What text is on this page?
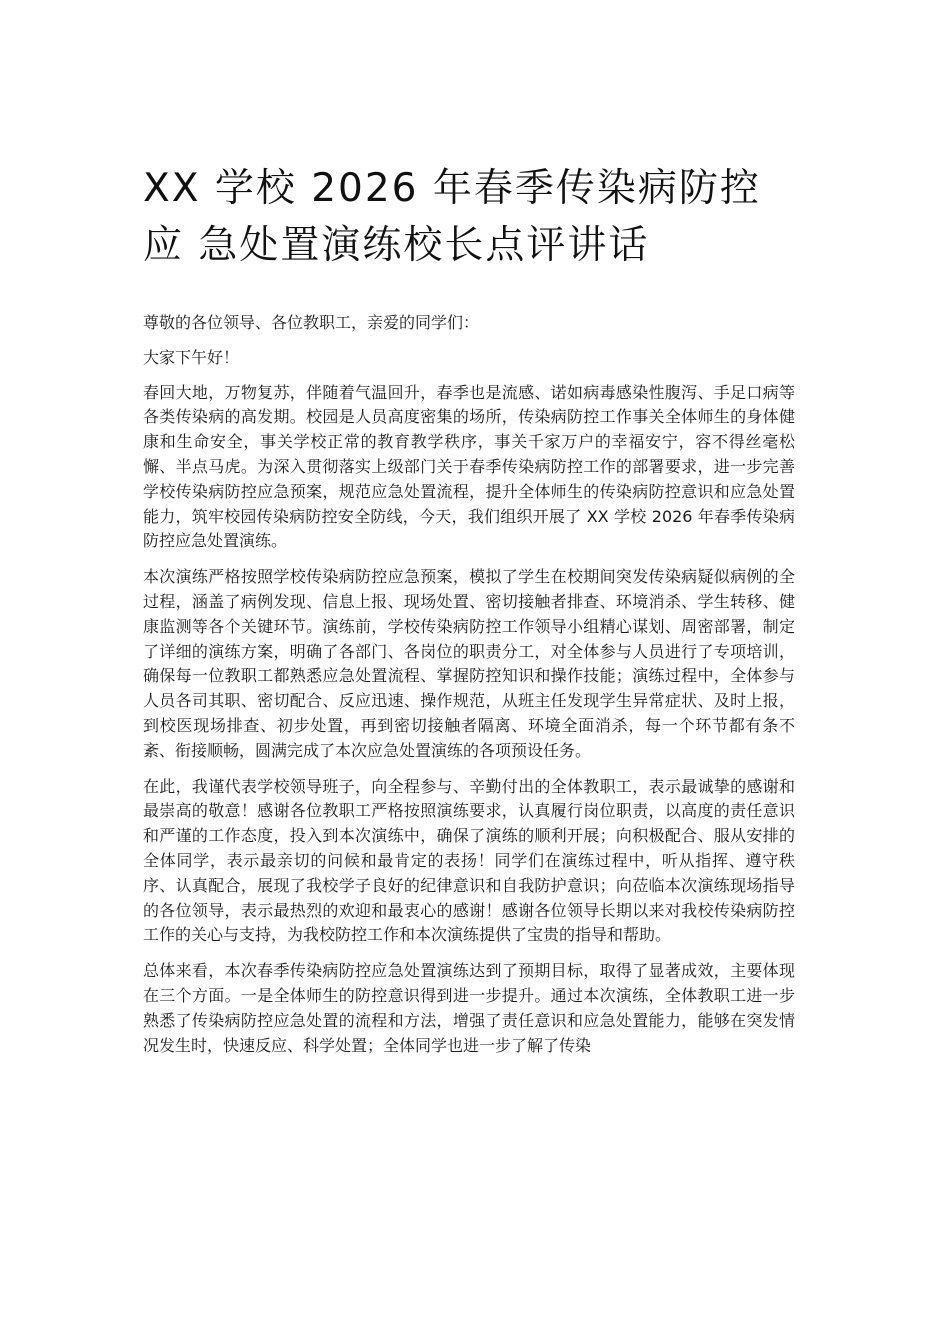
XX 学校 2026 年春季传染病防控
应 急处置演练校长点评讲话

尊敬的各位领导、各位教职工，亲爱的同学们：

大家下午好！

春回大地，万物复苏，伴随着气温回升，春季也是流感、诺如病毒感染性腹泻、手足口病等各类传染病的高发期。校园是人员高度密集的场所，传染病防控工作事关全体师生的身体健康和生命安全，事关学校正常的教育教学秩序，事关千家万户的幸福安宁，容不得丝毫松懈、半点马虎。为深入贯彻落实上级部门关于春季传染病防控工作的部署要求，进一步完善学校传染病防控应急预案，规范应急处置流程，提升全体师生的传染病防控意识和应急处置能力，筑牢校园传染病防控安全防线，今天，我们组织开展了 XX 学校 2026 年春季传染病防控应急处置演练。

本次演练严格按照学校传染病防控应急预案，模拟了学生在校期间突发传染病疑似病例的全过程，涵盖了病例发现、信息上报、现场处置、密切接触者排查、环境消杀、学生转移、健康监测等各个关键环节。演练前，学校传染病防控工作领导小组精心谋划、周密部署，制定了详细的演练方案，明确了各部门、各岗位的职责分工，对全体参与人员进行了专项培训，确保每一位教职工都熟悉应急处置流程、掌握防控知识和操作技能；演练过程中，全体参与人员各司其职、密切配合、反应迅速、操作规范，从班主任发现学生异常症状、及时上报，到校医现场排查、初步处置，再到密切接触者隔离、环境全面消杀，每一个环节都有条不紊、衔接顺畅，圆满完成了本次应急处置演练的各项预设任务。

在此，我谨代表学校领导班子，向全程参与、辛勤付出的全体教职工，表示最诚挚的感谢和最崇高的敬意！感谢各位教职工严格按照演练要求，认真履行岗位职责，以高度的责任意识和严谨的工作态度，投入到本次演练中，确保了演练的顺利开展；向积极配合、服从安排的全体同学，表示最亲切的问候和最肯定的表扬！同学们在演练过程中，听从指挥、遵守秩序、认真配合，展现了我校学子良好的纪律意识和自我防护意识；向莅临本次演练现场指导的各位领导，表示最热烈的欢迎和最衷心的感谢！感谢各位领导长期以来对我校传染病防控工作的关心与支持，为我校防控工作和本次演练提供了宝贵的指导和帮助。

总体来看，本次春季传染病防控应急处置演练达到了预期目标，取得了显著成效，主要体现在三个方面。一是全体师生的防控意识得到进一步提升。通过本次演练，全体教职工进一步熟悉了传染病防控应急处置的流程和方法，增强了责任意识和应急处置能力，能够在突发情况发生时，快速反应、科学处置；全体同学也进一步了解了传染
